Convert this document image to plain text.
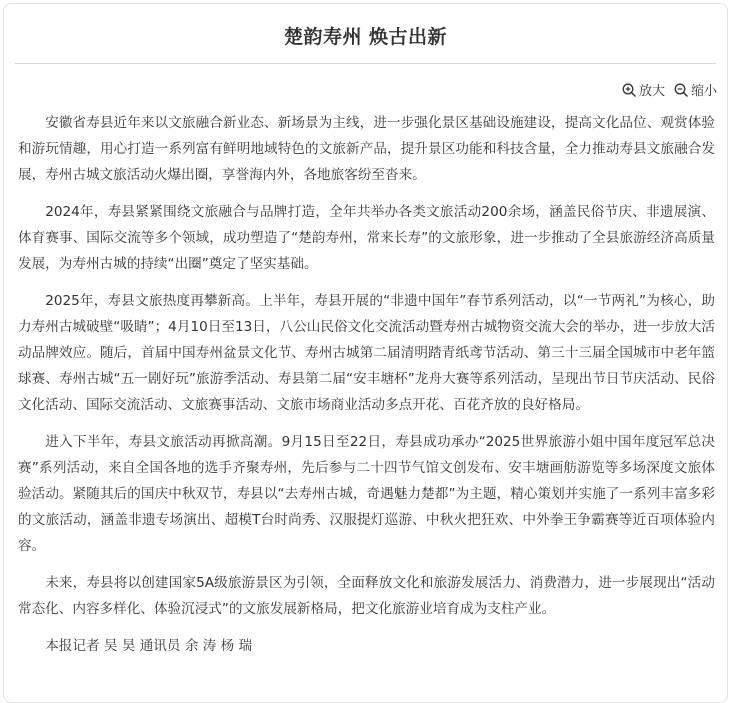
楚韵寿州 焕古出新
放大 缩小

安徽省寿县近年来以文旅融合新业态、新场景为主线，进一步强化景区基础设施建设，提高文化品位、观赏体验和游玩情趣，用心打造一系列富有鲜明地域特色的文旅新产品，提升景区功能和科技含量，全力推动寿县文旅融合发展，寿州古城文旅活动火爆出圈，享誉海内外，各地旅客纷至沓来。

2024年，寿县紧紧围绕文旅融合与品牌打造，全年共举办各类文旅活动200余场，涵盖民俗节庆、非遗展演、体育赛事、国际交流等多个领域，成功塑造了“楚韵寿州，常来长寿”的文旅形象，进一步推动了全县旅游经济高质量发展，为寿州古城的持续“出圈”奠定了坚实基础。

2025年，寿县文旅热度再攀新高。上半年，寿县开展的“非遗中国年”春节系列活动，以“一节两礼”为核心，助力寿州古城破壁“吸睛”；4月10日至13日，八公山民俗文化交流活动暨寿州古城物资交流大会的举办，进一步放大活动品牌效应。随后，首届中国寿州盆景文化节、寿州古城第二届清明踏青纸鸢节活动、第三十三届全国城市中老年篮球赛、寿州古城“五一剧好玩”旅游季活动、寿县第二届“安丰塘杯”龙舟大赛等系列活动，呈现出节日节庆活动、民俗文化活动、国际交流活动、文旅赛事活动、文旅市场商业活动多点开花、百花齐放的良好格局。

进入下半年，寿县文旅活动再掀高潮。9月15日至22日，寿县成功承办“2025世界旅游小姐中国年度冠军总决赛”系列活动，来自全国各地的选手齐聚寿州，先后参与二十四节气馆文创发布、安丰塘画舫游览等多场深度文旅体验活动。紧随其后的国庆中秋双节，寿县以“去寿州古城，奇遇魅力楚都”为主题，精心策划并实施了一系列丰富多彩的文旅活动，涵盖非遗专场演出、超模T台时尚秀、汉服提灯巡游、中秋火把狂欢、中外拳王争霸赛等近百项体验内容。

未来，寿县将以创建国家5A级旅游景区为引领，全面释放文化和旅游发展活力、消费潜力，进一步展现出“活动常态化、内容多样化、体验沉浸式”的文旅发展新格局，把文化旅游业培育成为支柱产业。

本报记者 吴 昊 通讯员 余 涛 杨 瑞
